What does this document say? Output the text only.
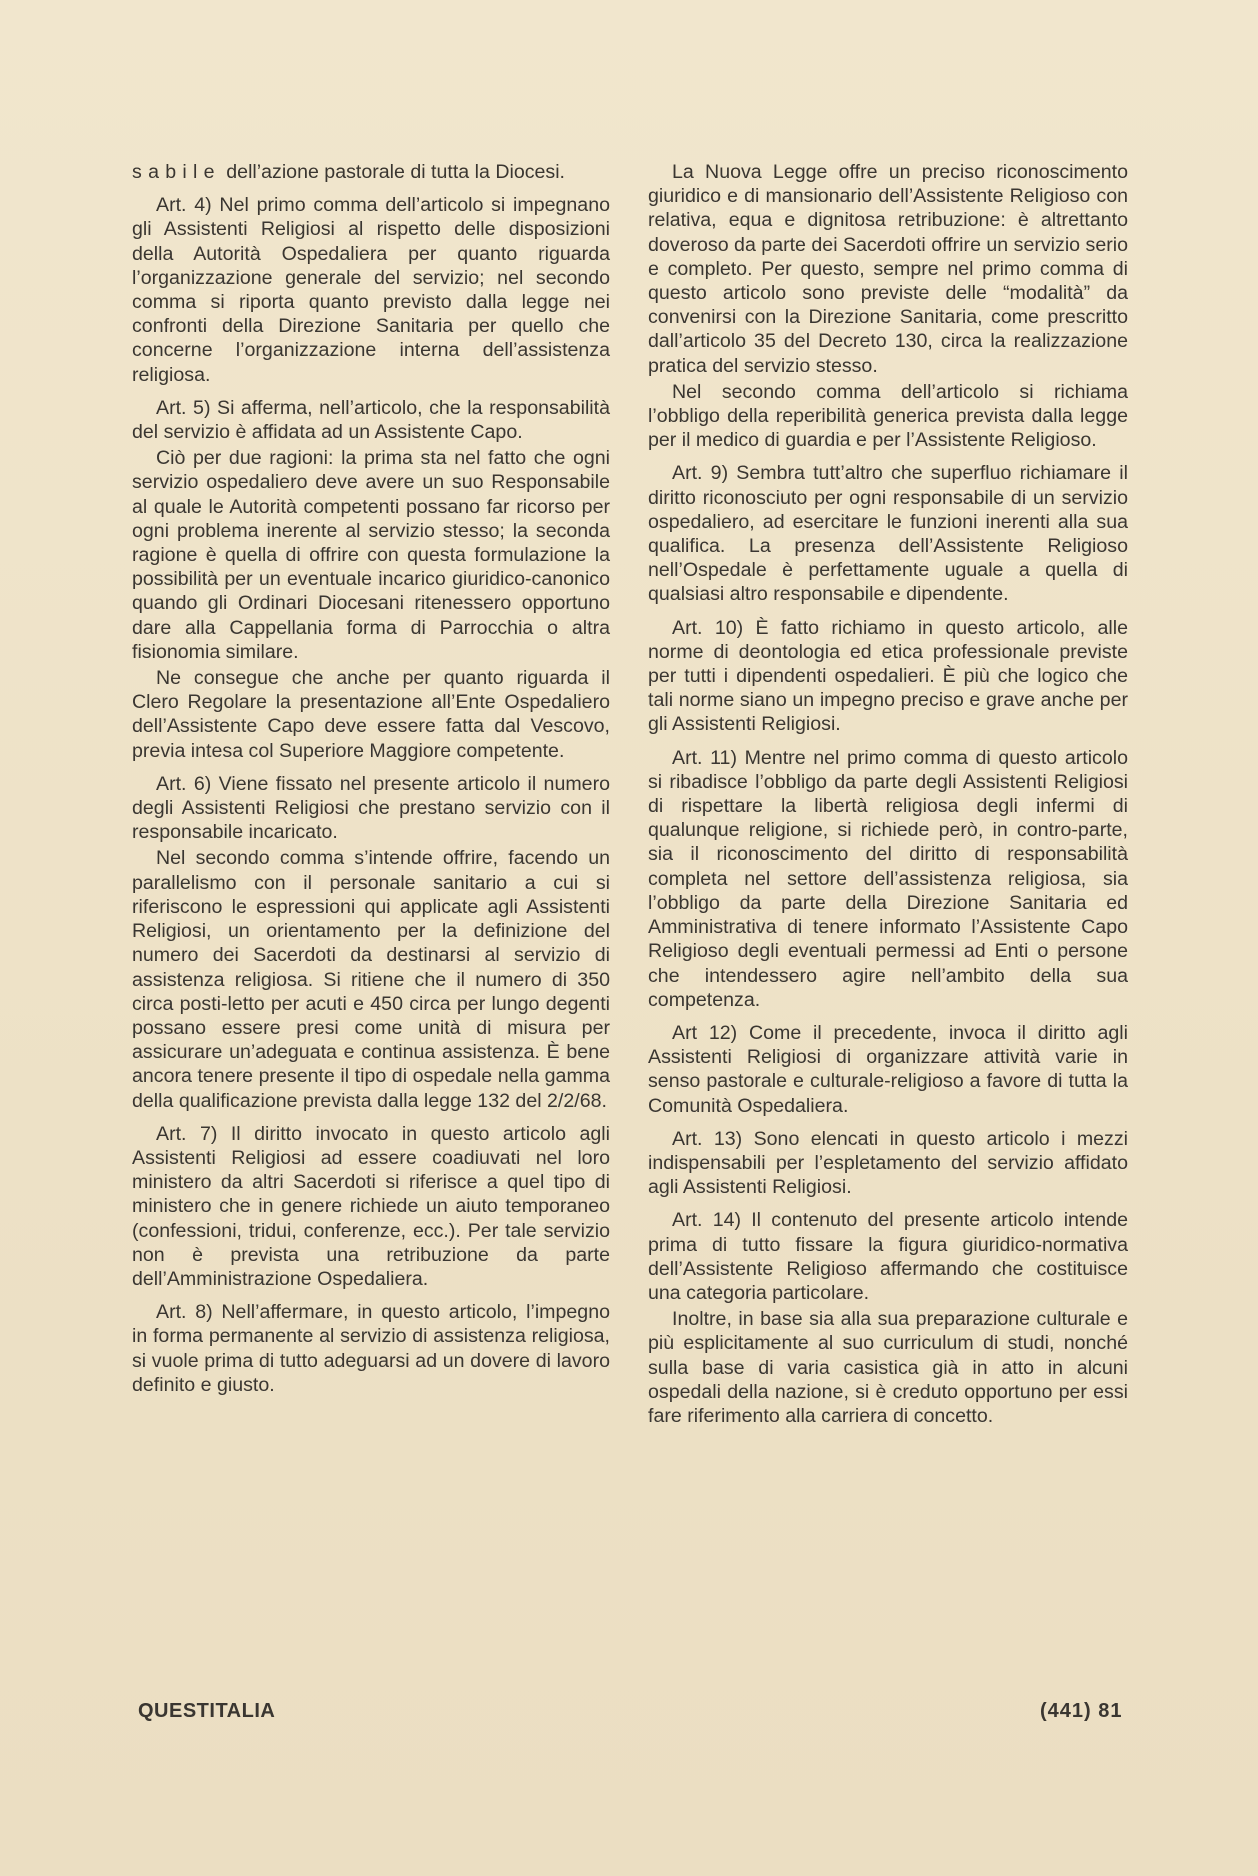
sabile dell’azione pastorale di tutta la Diocesi.

Art. 4) Nel primo comma dell’articolo si impegnano gli Assistenti Religiosi al rispetto delle disposizioni della Autorità Ospedaliera per quanto riguarda l’organizzazione generale del servizio; nel secondo comma si riporta quanto previsto dalla legge nei confronti della Direzione Sanitaria per quello che concerne l’organizzazione interna dell’assistenza religiosa.

Art. 5) Si afferma, nell’articolo, che la responsabilità del servizio è affidata ad un Assistente Capo.

Ciò per due ragioni: la prima sta nel fatto che ogni servizio ospedaliero deve avere un suo Responsabile al quale le Autorità competenti possano far ricorso per ogni problema inerente al servizio stesso; la seconda ragione è quella di offrire con questa formulazione la possibilità per un eventuale incarico giuridico-canonico quando gli Ordinari Diocesani ritenessero opportuno dare alla Cappellania forma di Parrocchia o altra fisionomia similare.

Ne consegue che anche per quanto riguarda il Clero Regolare la presentazione all’Ente Ospedaliero dell’Assistente Capo deve essere fatta dal Vescovo, previa intesa col Superiore Maggiore competente.

Art. 6) Viene fissato nel presente articolo il numero degli Assistenti Religiosi che prestano servizio con il responsabile incaricato.

Nel secondo comma s’intende offrire, facendo un parallelismo con il personale sanitario a cui si riferiscono le espressioni qui applicate agli Assistenti Religiosi, un orientamento per la definizione del numero dei Sacerdoti da destinarsi al servizio di assistenza religiosa. Si ritiene che il numero di 350 circa posti-letto per acuti e 450 circa per lungo degenti possano essere presi come unità di misura per assicurare un’adeguata e continua assistenza. È bene ancora tenere presente il tipo di ospedale nella gamma della qualificazione prevista dalla legge 132 del 2/2/68.

Art. 7) Il diritto invocato in questo articolo agli Assistenti Religiosi ad essere coadiuvati nel loro ministero da altri Sacerdoti si riferisce a quel tipo di ministero che in genere richiede un aiuto temporaneo (confessioni, tridui, conferenze, ecc.). Per tale servizio non è prevista una retribuzione da parte dell’Amministrazione Ospedaliera.

Art. 8) Nell’affermare, in questo articolo, l’impegno in forma permanente al servizio di assistenza religiosa, si vuole prima di tutto adeguarsi ad un dovere di lavoro definito e giusto.

La Nuova Legge offre un preciso riconoscimento giuridico e di mansionario dell’Assistente Religioso con relativa, equa e dignitosa retribuzione: è altrettanto doveroso da parte dei Sacerdoti offrire un servizio serio e completo. Per questo, sempre nel primo comma di questo articolo sono previste delle “modalità” da convenirsi con la Direzione Sanitaria, come prescritto dall’articolo 35 del Decreto 130, circa la realizzazione pratica del servizio stesso.

Nel secondo comma dell’articolo si richiama l’obbligo della reperibilità generica prevista dalla legge per il medico di guardia e per l’Assistente Religioso.

Art. 9) Sembra tutt’altro che superfluo richiamare il diritto riconosciuto per ogni responsabile di un servizio ospedaliero, ad esercitare le funzioni inerenti alla sua qualifica. La presenza dell’Assistente Religioso nell’Ospedale è perfettamente uguale a quella di qualsiasi altro responsabile e dipendente.

Art. 10) È fatto richiamo in questo articolo, alle norme di deontologia ed etica professionale previste per tutti i dipendenti ospedalieri. È più che logico che tali norme siano un impegno preciso e grave anche per gli Assistenti Religiosi.

Art. 11) Mentre nel primo comma di questo articolo si ribadisce l’obbligo da parte degli Assistenti Religiosi di rispettare la libertà religiosa degli infermi di qualunque religione, si richiede però, in contro-parte, sia il riconoscimento del diritto di responsabilità completa nel settore dell’assistenza religiosa, sia l’obbligo da parte della Direzione Sanitaria ed Amministrativa di tenere informato l’Assistente Capo Religioso degli eventuali permessi ad Enti o persone che intendessero agire nell’ambito della sua competenza.

Art 12) Come il precedente, invoca il diritto agli Assistenti Religiosi di organizzare attività varie in senso pastorale e culturale-religioso a favore di tutta la Comunità Ospedaliera.

Art. 13) Sono elencati in questo articolo i mezzi indispensabili per l’espletamento del servizio affidato agli Assistenti Religiosi.

Art. 14) Il contenuto del presente articolo intende prima di tutto fissare la figura giuridico-normativa dell’Assistente Religioso affermando che costituisce una categoria particolare.

Inoltre, in base sia alla sua preparazione culturale e più esplicitamente al suo curriculum di studi, nonché sulla base di varia casistica già in atto in alcuni ospedali della nazione, si è creduto opportuno per essi fare riferimento alla carriera di concetto.

QUESTITALIA	(441) 81
